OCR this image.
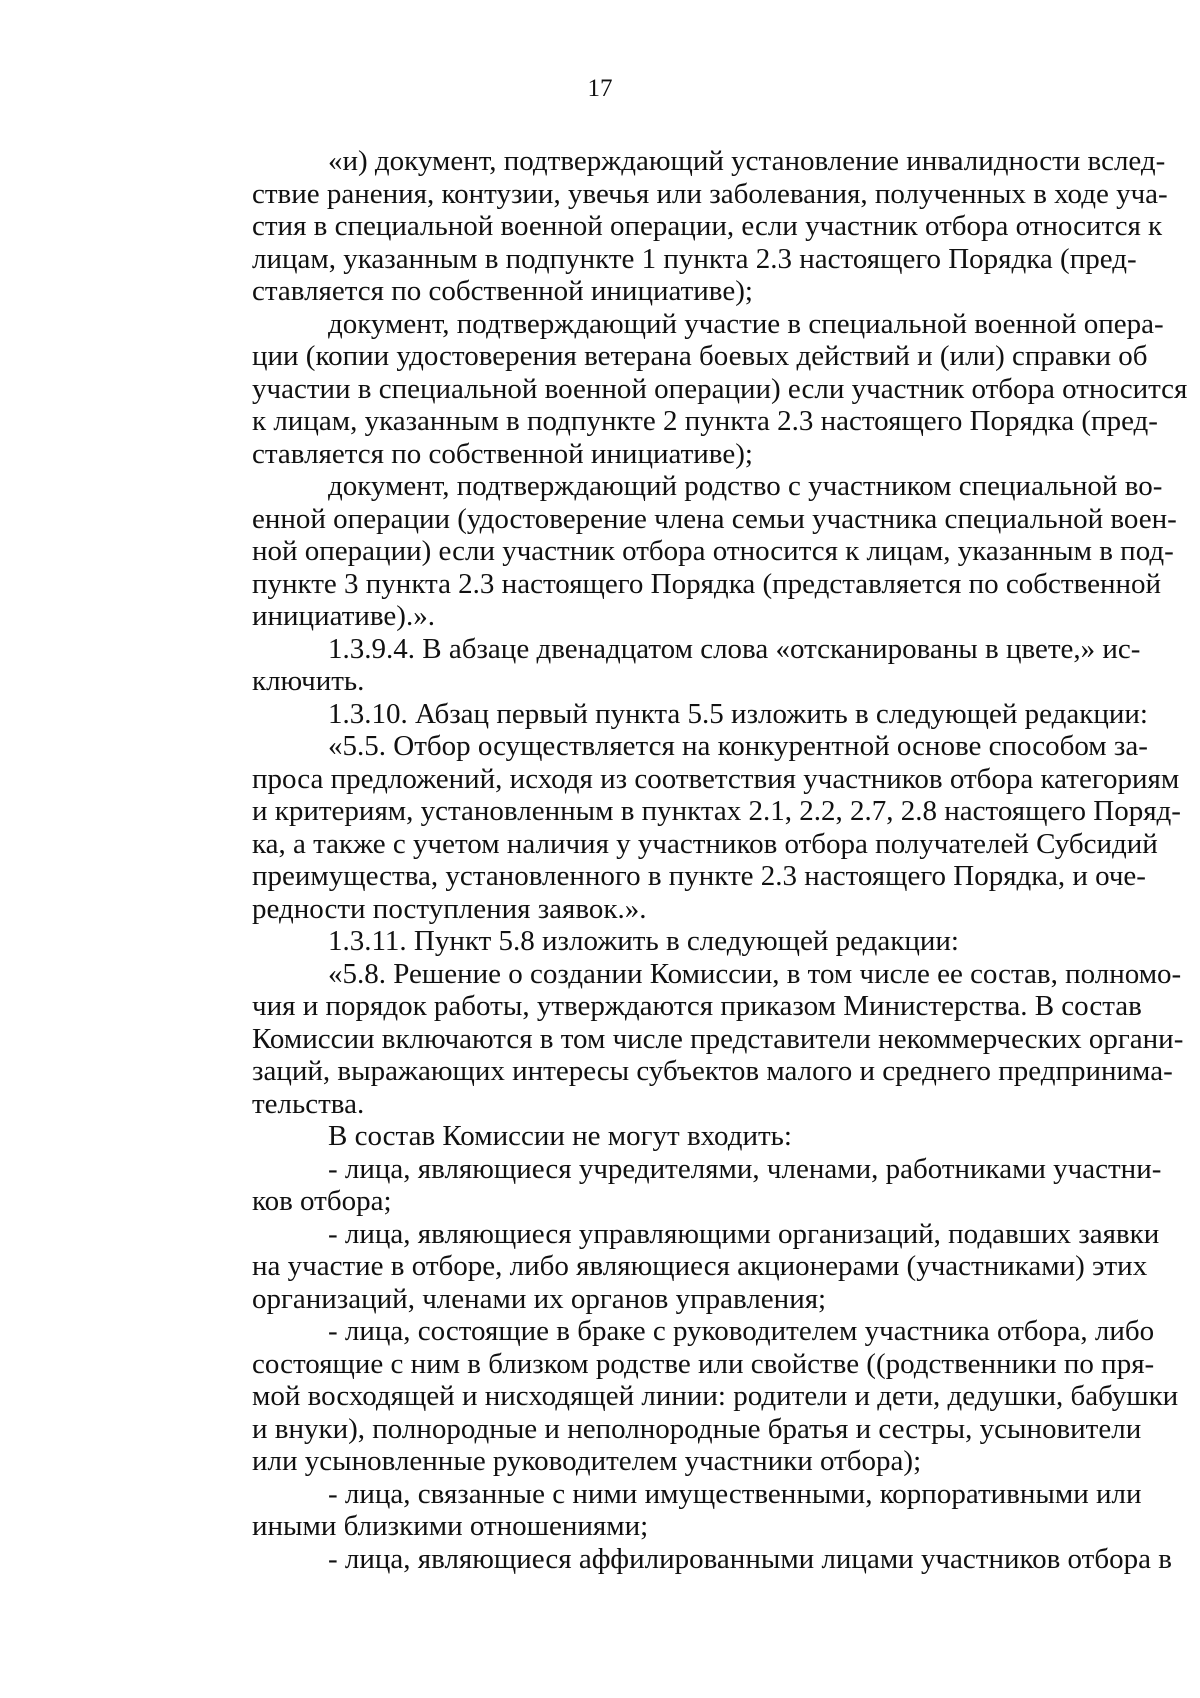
17
«и) документ, подтверждающий установление инвалидности вслед-
ствие ранения, контузии, увечья или заболевания, полученных в ходе уча-
стия в специальной военной операции, если участник отбора относится к
лицам, указанным в подпункте 1 пункта 2.3 настоящего Порядка (пред-
ставляется по собственной инициативе);
документ, подтверждающий участие в специальной военной опера-
ции (копии удостоверения ветерана боевых действий и (или) справки об
участии в специальной военной операции) если участник отбора относится
к лицам, указанным в подпункте 2 пункта 2.3 настоящего Порядка (пред-
ставляется по собственной инициативе);
документ, подтверждающий родство с участником специальной во-
енной операции (удостоверение члена семьи участника специальной воен-
ной операции) если участник отбора относится к лицам, указанным в под-
пункте 3 пункта 2.3 настоящего Порядка (представляется по собственной
инициативе).».
1.3.9.4. В абзаце двенадцатом слова «отсканированы в цвете,» ис-
ключить.
1.3.10. Абзац первый пункта 5.5 изложить в следующей редакции:
«5.5. Отбор осуществляется на конкурентной основе способом за-
проса предложений, исходя из соответствия участников отбора категориям
и критериям, установленным в пунктах 2.1, 2.2, 2.7, 2.8 настоящего Поряд-
ка, а также с учетом наличия у участников отбора получателей Субсидий
преимущества, установленного в пункте 2.3 настоящего Порядка, и оче-
редности поступления заявок.».
1.3.11. Пункт 5.8 изложить в следующей редакции:
«5.8. Решение о создании Комиссии, в том числе ее состав, полномо-
чия и порядок работы, утверждаются приказом Министерства. В состав
Комиссии включаются в том числе представители некоммерческих органи-
заций, выражающих интересы субъектов малого и среднего предпринима-
тельства.
В состав Комиссии не могут входить:
- лица, являющиеся учредителями, членами, работниками участни-
ков отбора;
- лица, являющиеся управляющими организаций, подавших заявки
на участие в отборе, либо являющиеся акционерами (участниками) этих
организаций, членами их органов управления;
- лица, состоящие в браке с руководителем участника отбора, либо
состоящие с ним в близком родстве или свойстве ((родственники по пря-
мой восходящей и нисходящей линии: родители и дети, дедушки, бабушки
и внуки), полнородные и неполнородные братья и сестры, усыновители
или усыновленные руководителем участники отбора);
- лица, связанные с ними имущественными, корпоративными или
иными близкими отношениями;
- лица, являющиеся аффилированными лицами участников отбора в
